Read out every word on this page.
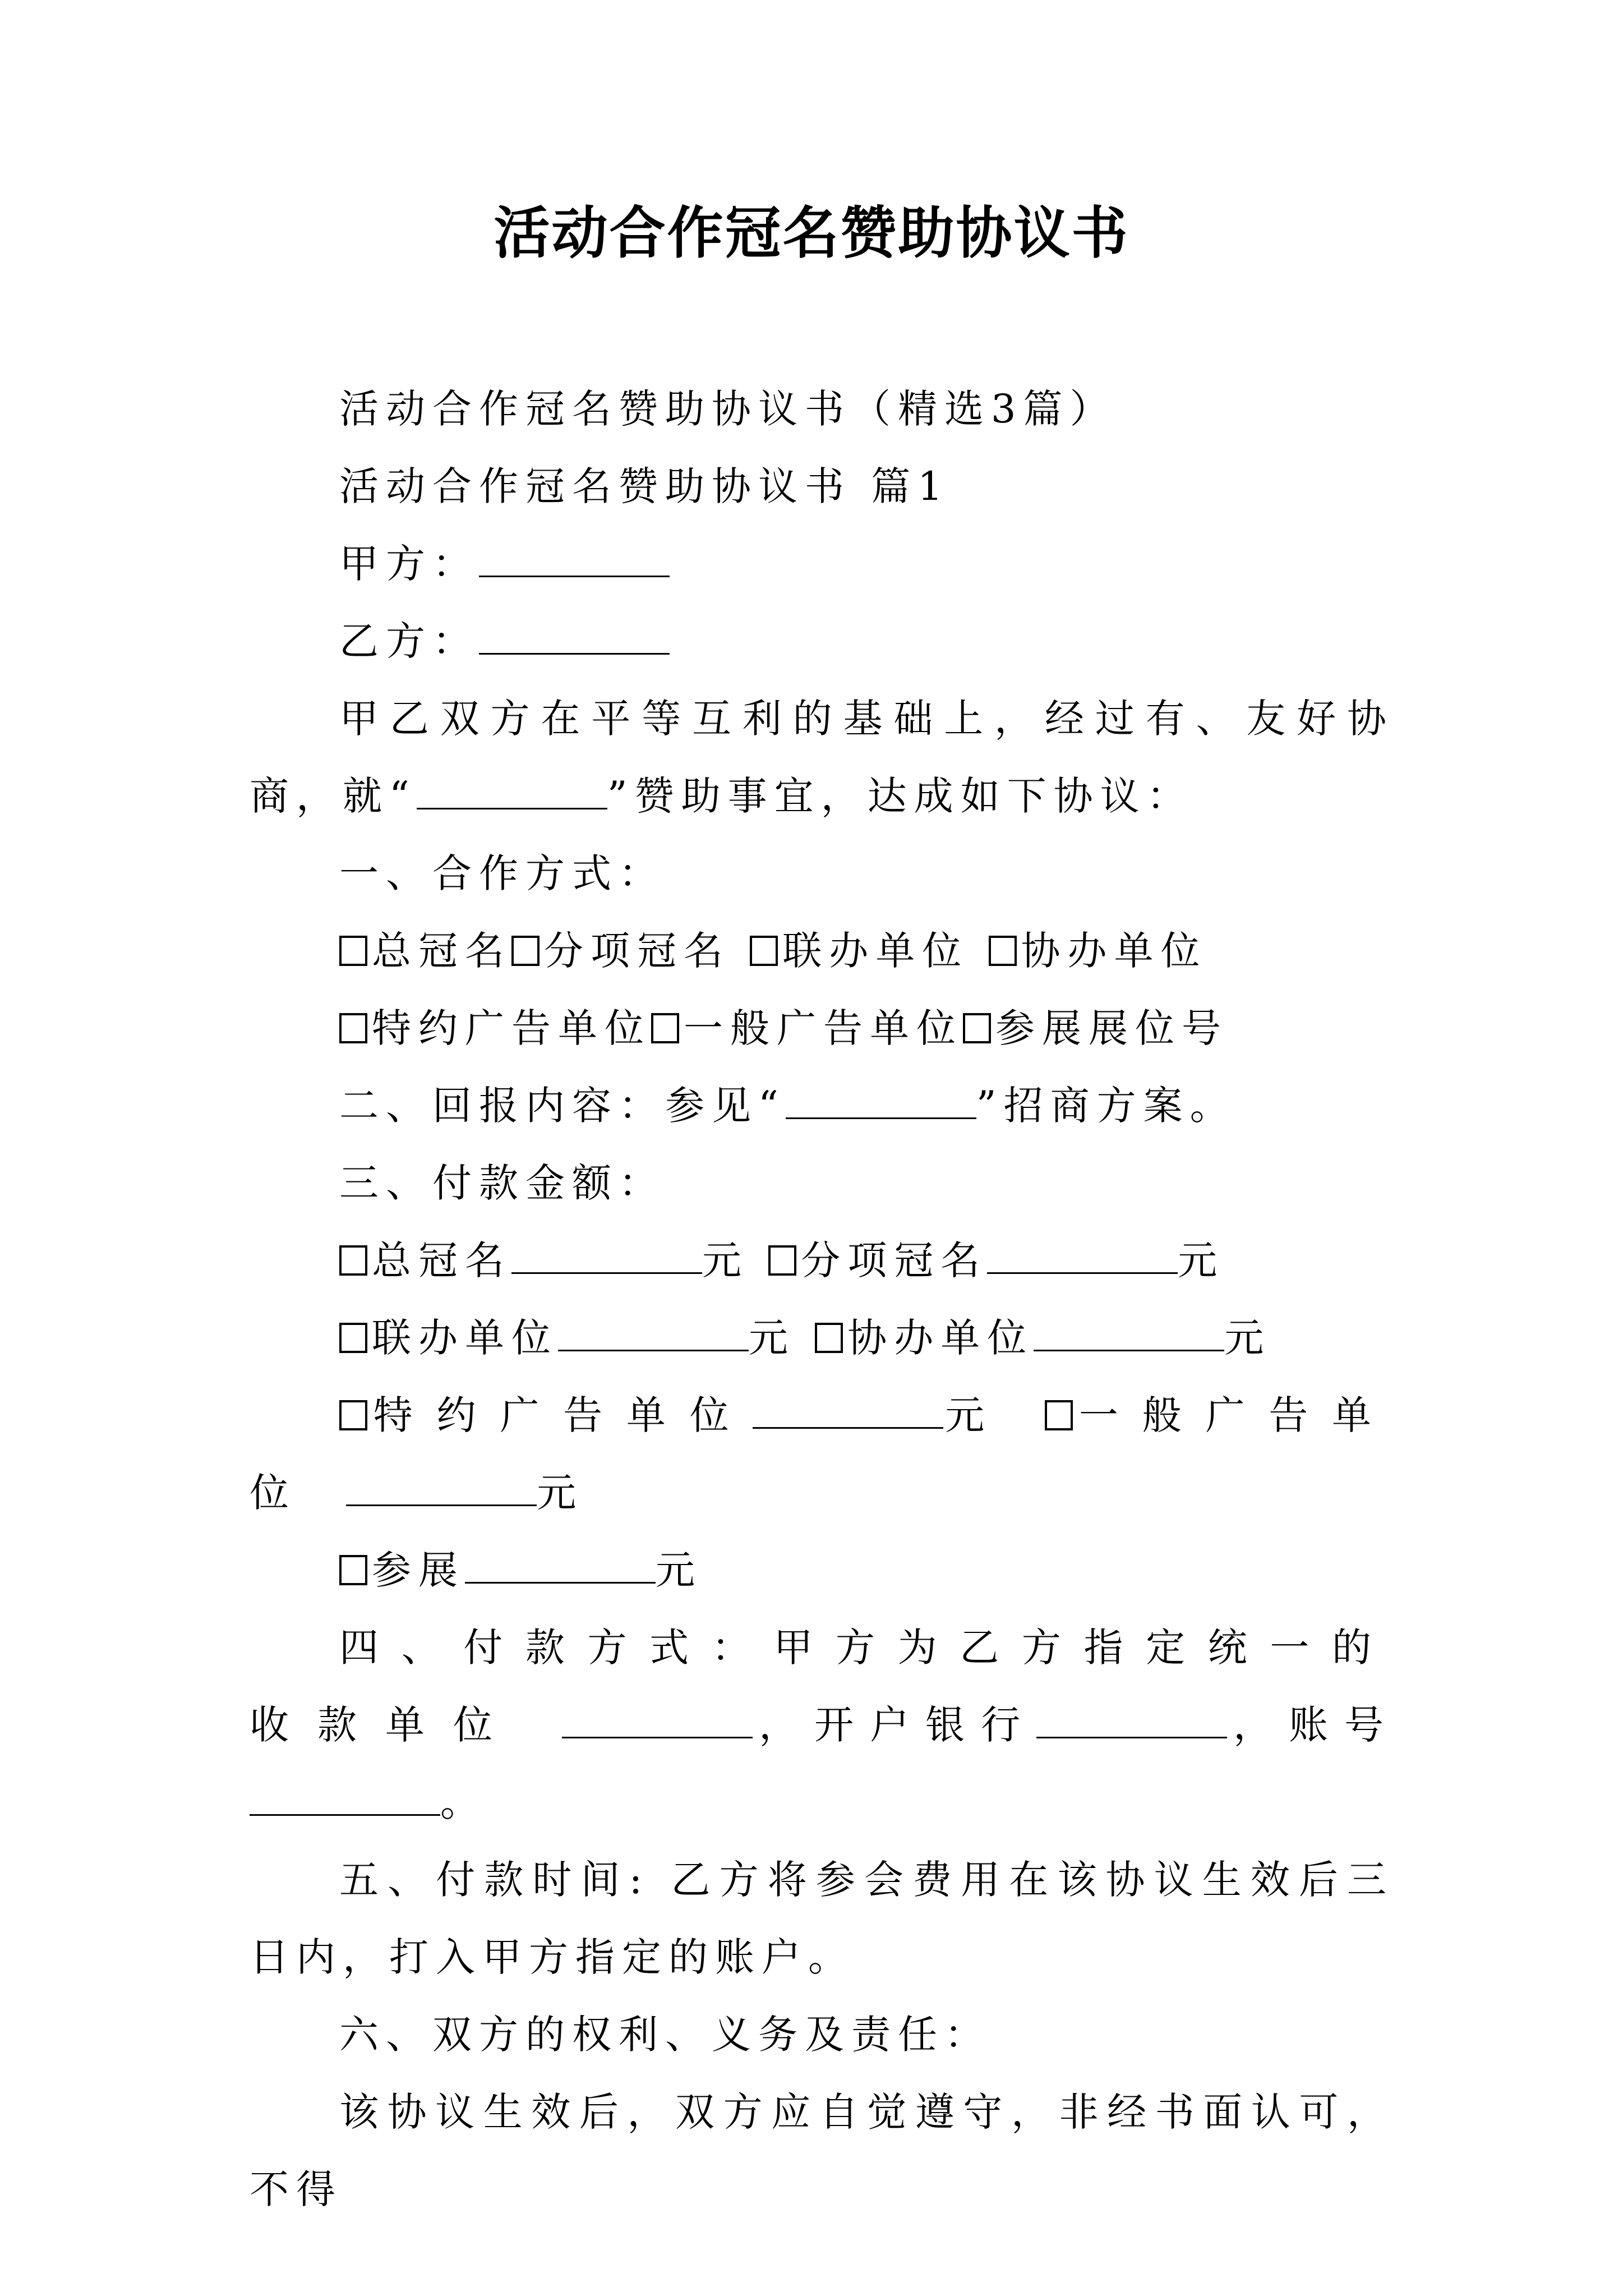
活动合作冠名赞助协议书

活动合作冠名赞助协议书（精选3篇）

活动合作冠名赞助协议书 篇1

甲方：

乙方：

甲乙双方在平等互利的基础上，经过有、友好协商，就“	”赞助事宜，达成如下协议：

一、合作方式：

总冠名 分项冠名 联办单位 协办单位

特约广告单位 一般广告单位 参展展位号

二、回报内容：参见“	”招商方案。

三、付款金额：

总冠名	元 分项冠名	元

联办单位	元 协办单位	元

特约广告单位	元 一般广告单位	元

参展	元

四、付款方式：甲方为乙方指定统一的收款单位	，开户银行	，账号。

五、付款时间: 乙方将参会费用在该协议生效后三日内，打入甲方指定的账户。

六、双方的权利、义务及责任：

该协议生效后，双方应自觉遵守，非经书面认可，不得
